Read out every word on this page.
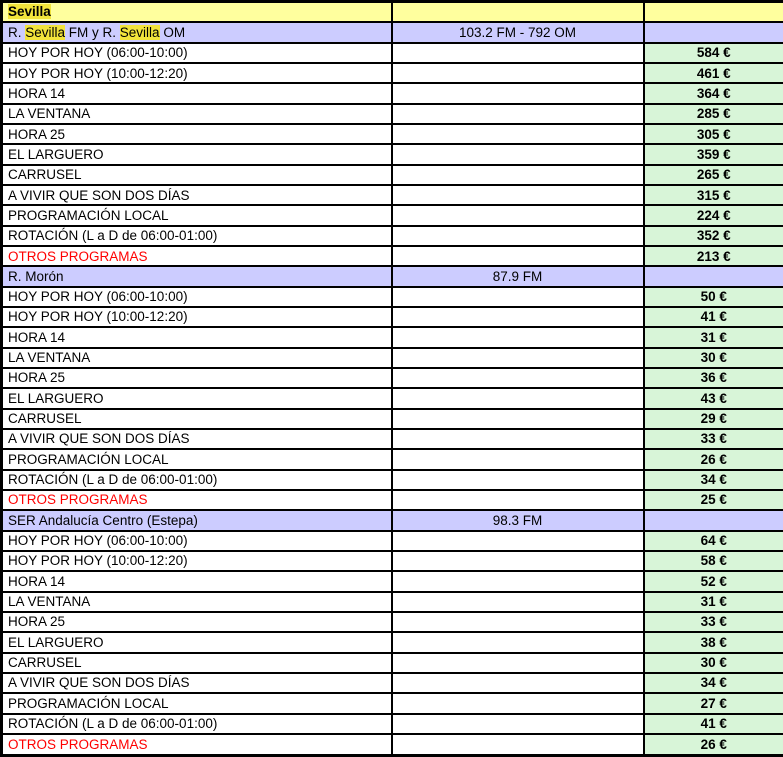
Sevilla		
R. Sevilla FM y R. Sevilla OM	103.2 FM - 792 OM	
HOY POR HOY (06:00-10:00)		584 €
HOY POR HOY (10:00-12:20)		461 €
HORA 14		364 €
LA VENTANA		285 €
HORA 25		305 €
EL LARGUERO		359 €
CARRUSEL		265 €
A VIVIR QUE SON DOS DÍAS		315 €
PROGRAMACIÓN LOCAL		224 €
ROTACIÓN (L a D de 06:00-01:00)		352 €
OTROS PROGRAMAS		213 €
R. Morón	87.9 FM	
HOY POR HOY (06:00-10:00)		50 €
HOY POR HOY (10:00-12:20)		41 €
HORA 14		31 €
LA VENTANA		30 €
HORA 25		36 €
EL LARGUERO		43 €
CARRUSEL		29 €
A VIVIR QUE SON DOS DÍAS		33 €
PROGRAMACIÓN LOCAL		26 €
ROTACIÓN (L a D de 06:00-01:00)		34 €
OTROS PROGRAMAS		25 €
SER Andalucía Centro (Estepa)	98.3 FM	
HOY POR HOY (06:00-10:00)		64 €
HOY POR HOY (10:00-12:20)		58 €
HORA 14		52 €
LA VENTANA		31 €
HORA 25		33 €
EL LARGUERO		38 €
CARRUSEL		30 €
A VIVIR QUE SON DOS DÍAS		34 €
PROGRAMACIÓN LOCAL		27 €
ROTACIÓN (L a D de 06:00-01:00)		41 €
OTROS PROGRAMAS		26 €
